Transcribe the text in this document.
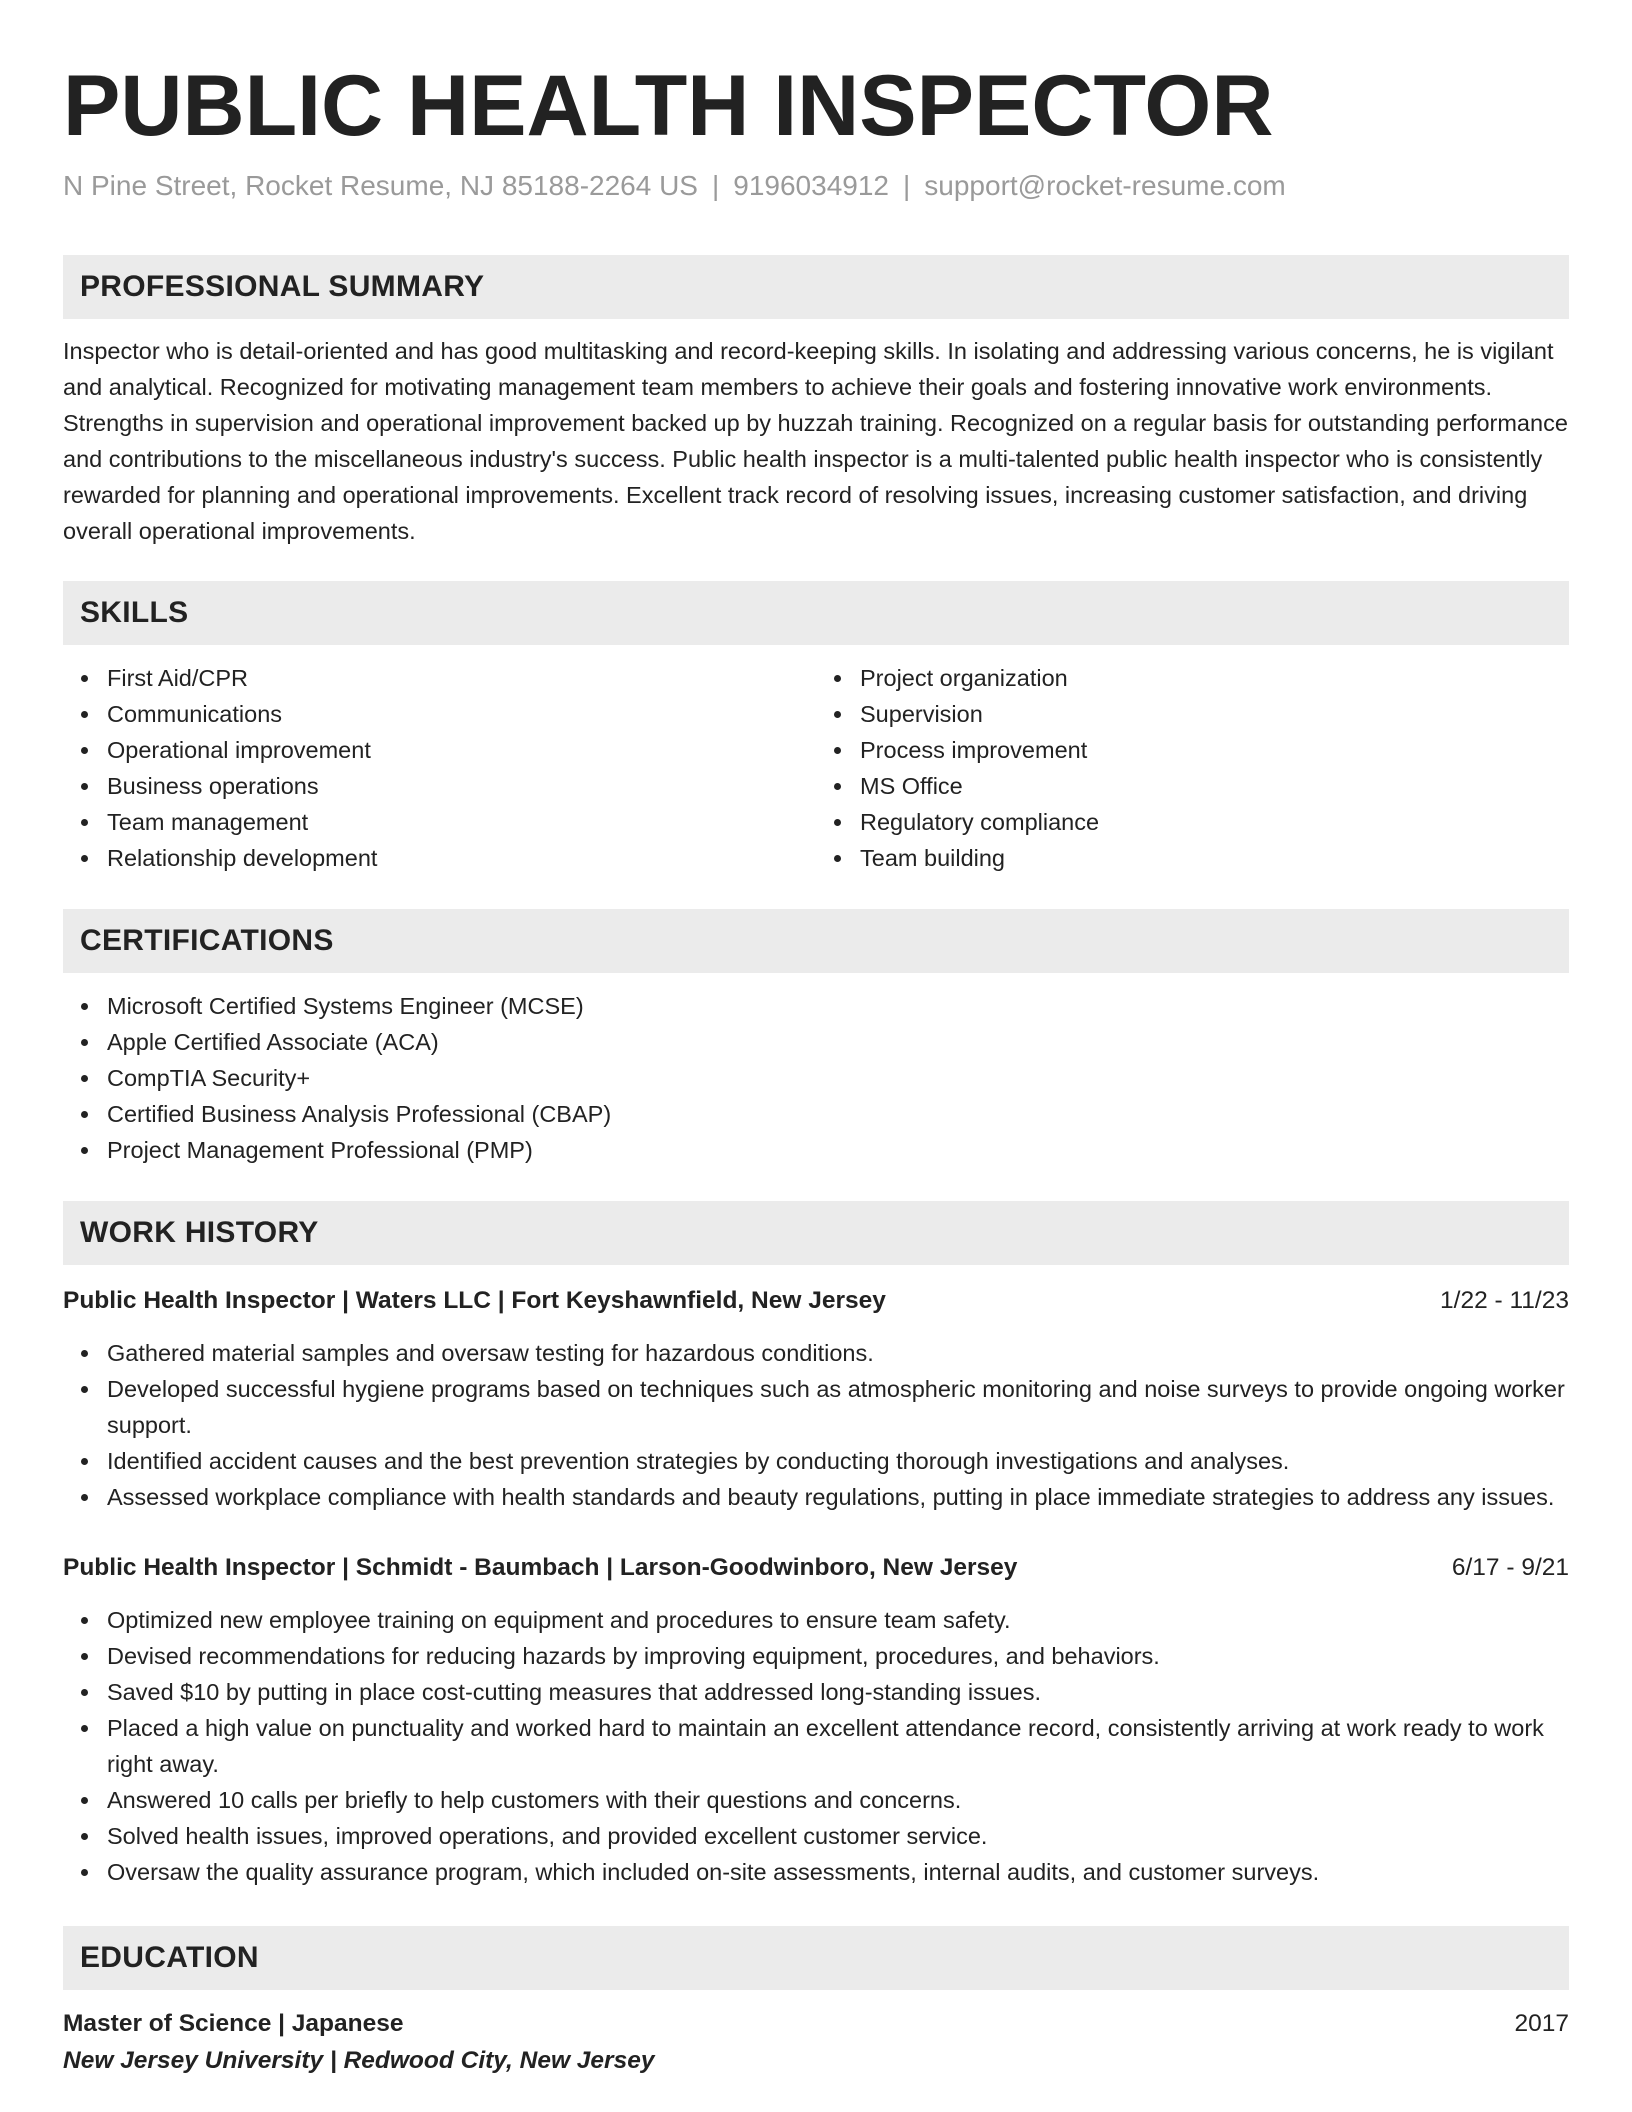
PUBLIC HEALTH INSPECTOR
N Pine Street, Rocket Resume, NJ 85188-2264 US | 9196034912 | support@rocket-resume.com
PROFESSIONAL SUMMARY

Inspector who is detail-oriented and has good multitasking and record-keeping skills. In isolating and addressing various concerns, he is vigilant and analytical. Recognized for motivating management team members to achieve their goals and fostering innovative work environments. Strengths in supervision and operational improvement backed up by huzzah training. Recognized on a regular basis for outstanding performance and contributions to the miscellaneous industry's success. Public health inspector is a multi-talented public health inspector who is consistently rewarded for planning and operational improvements. Excellent track record of resolving issues, increasing customer satisfaction, and driving overall operational improvements.

SKILLS
First Aid/CPR
Communications
Operational improvement
Business operations
Team management
Relationship development
Project organization
Supervision
Process improvement
MS Office
Regulatory compliance
Team building
CERTIFICATIONS
Microsoft Certified Systems Engineer (MCSE)
Apple Certified Associate (ACA)
CompTIA Security+
Certified Business Analysis Professional (CBAP)
Project Management Professional (PMP)
WORK HISTORY
Public Health Inspector | Waters LLC | Fort Keyshawnfield, New Jersey	1/22 - 11/23
Gathered material samples and oversaw testing for hazardous conditions.
Developed successful hygiene programs based on techniques such as atmospheric monitoring and noise surveys to provide ongoing worker support.
Identified accident causes and the best prevention strategies by conducting thorough investigations and analyses.
Assessed workplace compliance with health standards and beauty regulations, putting in place immediate strategies to address any issues.
Public Health Inspector | Schmidt - Baumbach | Larson-Goodwinboro, New Jersey	6/17 - 9/21
Optimized new employee training on equipment and procedures to ensure team safety.
Devised recommendations for reducing hazards by improving equipment, procedures, and behaviors.
Saved $10 by putting in place cost-cutting measures that addressed long-standing issues.
Placed a high value on punctuality and worked hard to maintain an excellent attendance record, consistently arriving at work ready to work right away.
Answered 10 calls per briefly to help customers with their questions and concerns.
Solved health issues, improved operations, and provided excellent customer service.
Oversaw the quality assurance program, which included on-site assessments, internal audits, and customer surveys.
EDUCATION
Master of Science | Japanese	2017
New Jersey University | Redwood City, New Jersey
